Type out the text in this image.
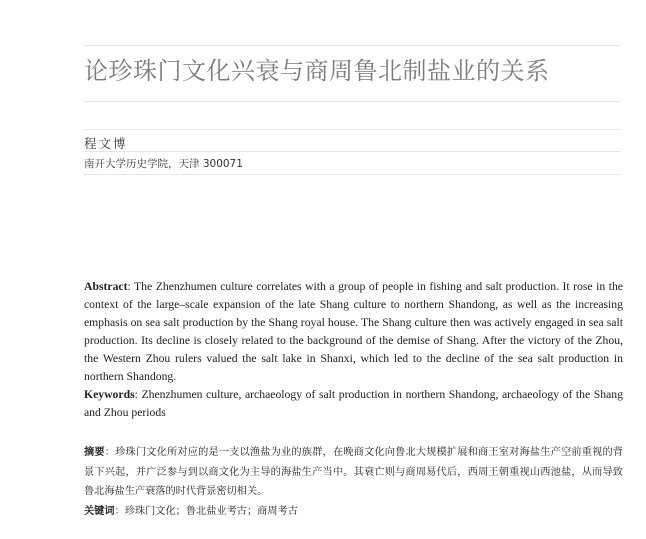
论珍珠门文化兴衰与商周鲁北制盐业的关系
程文博
南开大学历史学院，天津 300071
Abstract: The Zhenzhumen culture correlates with a group of people in fishing and salt production. It rose in the context of the large–scale expansion of the late Shang culture to northern Shandong, as well as the increasing emphasis on sea salt production by the Shang royal house. The Shang culture then was actively engaged in sea salt production. Its decline is closely related to the background of the demise of Shang. After the victory of the Zhou, the Western Zhou rulers valued the salt lake in Shanxi, which led to the decline of the sea salt production in northern Shandong.
Keywords: Zhenzhumen culture, archaeology of salt production in northern Shandong, archaeology of the Shang and Zhou periods
摘要：珍珠门文化所对应的是一支以渔盐为业的族群，在晚商文化向鲁北大规模扩展和商王室对海盐生产空前重视的背景下兴起，并广泛参与到以商文化为主导的海盐生产当中。其衰亡则与商周易代后，西周王朝重视山西池盐，从而导致鲁北海盐生产衰落的时代背景密切相关。
关键词：珍珠门文化；鲁北盐业考古；商周考古
